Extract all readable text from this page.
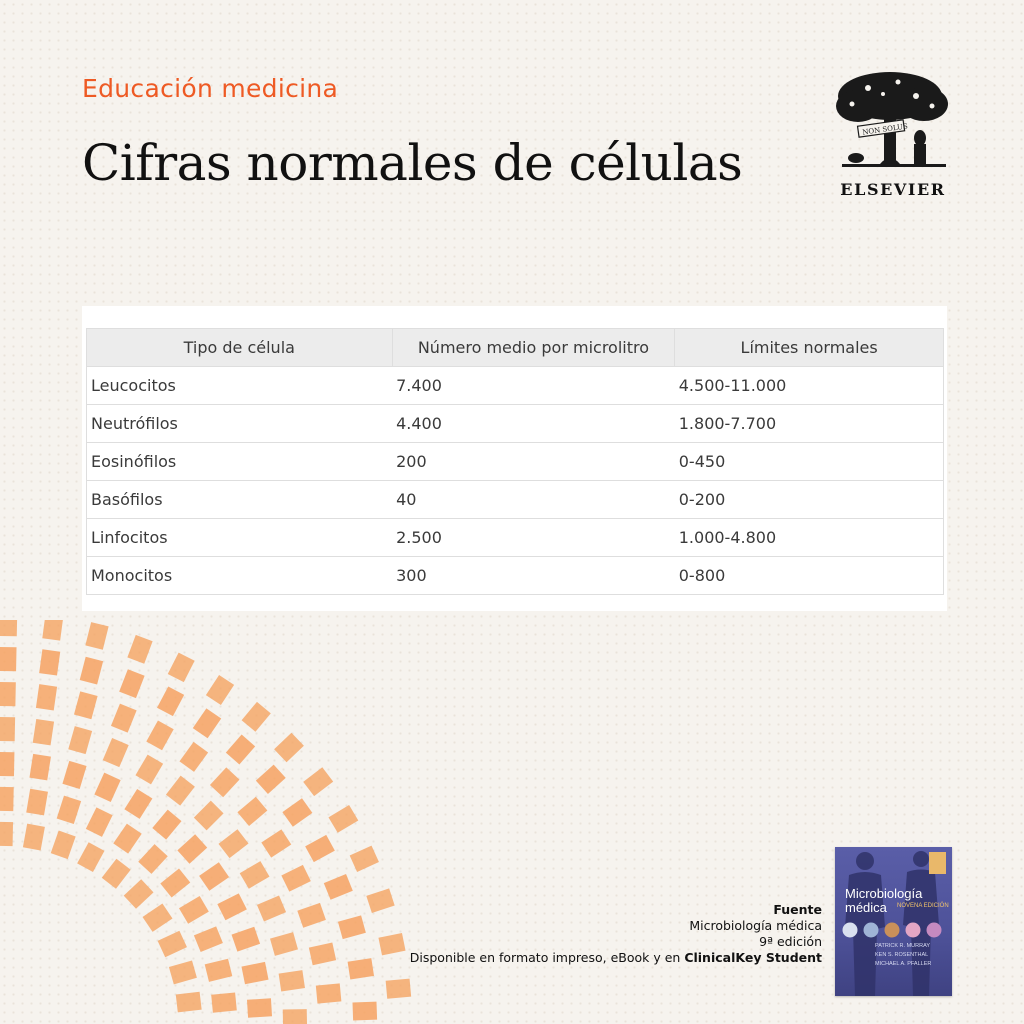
Educación medicina
Cifras normales de células
NON SOLUS
ELSEVIER
Tipo de célula	Número medio por microlitro	Límites normales
Leucocitos	7.400	4.500-11.000
Neutrófilos	4.400	1.800-7.700
Eosinófilos	200	0-450
Basófilos	40	0-200
Linfocitos	2.500	1.000-4.800
Monocitos	300	0-800
Fuente
Microbiología médica
9ª edición
Disponible en formato impreso, eBook y en ClinicalKey Student
Microbiología
médica	NOVENA EDICIÓN
PATRICK R. MURRAY
KEN S. ROSENTHAL
MICHAEL A. PFALLER
